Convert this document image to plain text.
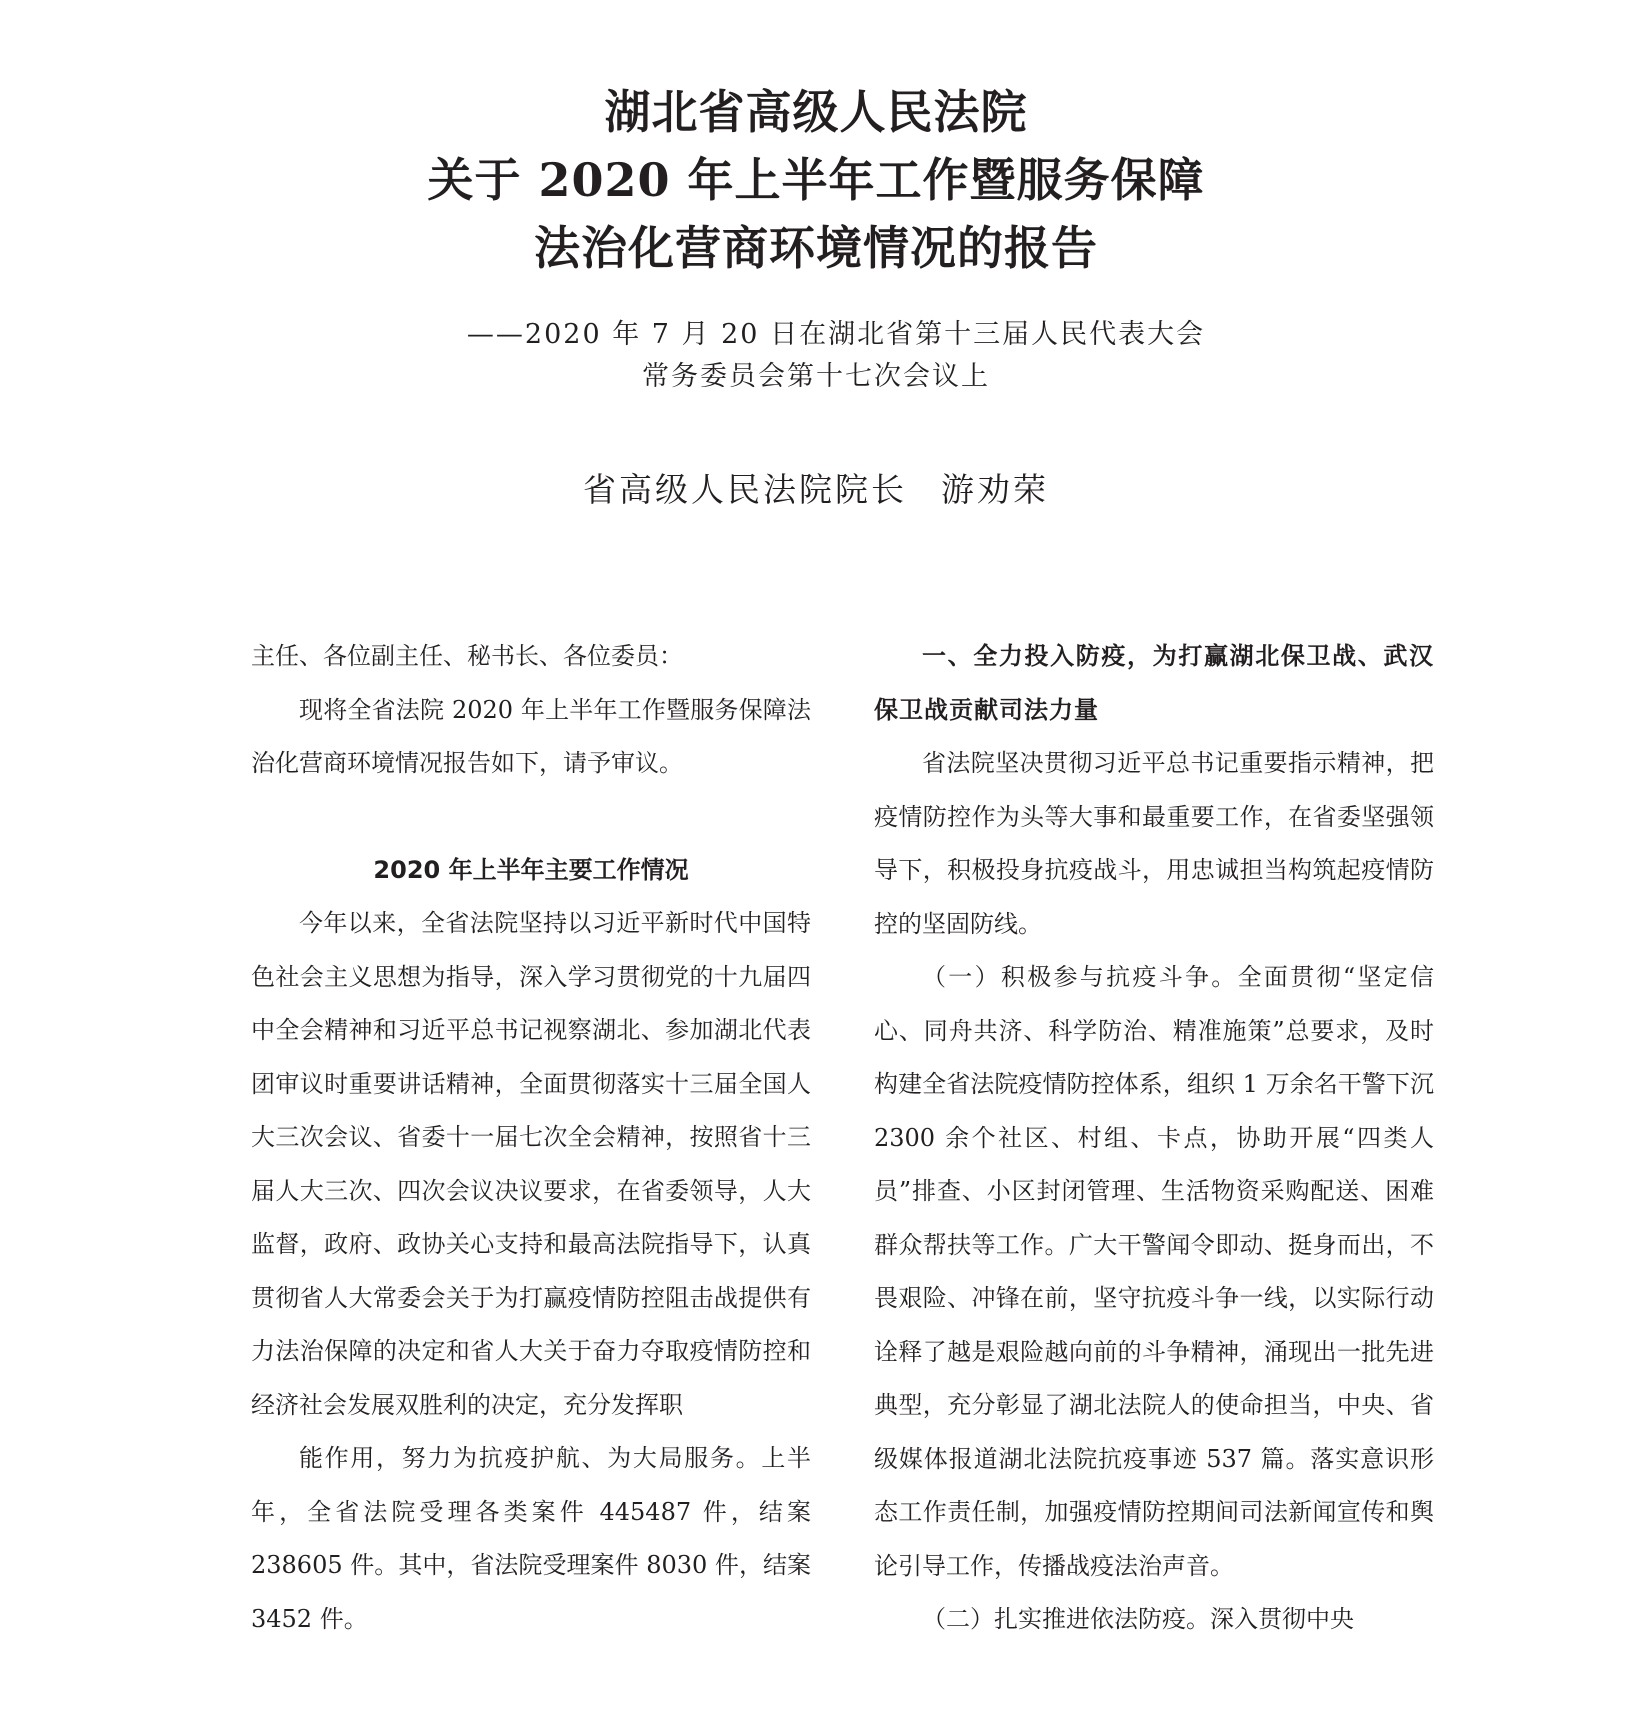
湖北省高级人民法院
关于 2020 年上半年工作暨服务保障
法治化营商环境情况的报告
——2020 年 7 月 20 日在湖北省第十三届人民代表大会
常务委员会第十七次会议上
省高级人民法院院长 游劝荣

主任、各位副主任、秘书长、各位委员：

现将全省法院 2020 年上半年工作暨服务保障法治化营商环境情况报告如下，请予审议。

2020 年上半年主要工作情况

今年以来，全省法院坚持以习近平新时代中国特色社会主义思想为指导，深入学习贯彻党的十九届四中全会精神和习近平总书记视察湖北、参加湖北代表团审议时重要讲话精神，全面贯彻落实十三届全国人大三次会议、省委十一届七次全会精神，按照省十三届人大三次、四次会议决议要求，在省委领导，人大监督，政府、政协关心支持和最高法院指导下，认真贯彻省人大常委会关于为打赢疫情防控阻击战提供有力法治保障的决定和省人大关于奋力夺取疫情防控和经济社会发展双胜利的决定，充分发挥职

能作用，努力为抗疫护航、为大局服务。上半年，全省法院受理各类案件 445487 件，结案 238605 件。其中，省法院受理案件 8030 件，结案 3452 件。

一、全力投入防疫，为打赢湖北保卫战、武汉保卫战贡献司法力量

省法院坚决贯彻习近平总书记重要指示精神，把疫情防控作为头等大事和最重要工作，在省委坚强领导下，积极投身抗疫战斗，用忠诚担当构筑起疫情防控的坚固防线。

（一）积极参与抗疫斗争。全面贯彻“坚定信心、同舟共济、科学防治、精准施策”总要求，及时构建全省法院疫情防控体系，组织 1 万余名干警下沉 2300 余个社区、村组、卡点，协助开展“四类人员”排查、小区封闭管理、生活物资采购配送、困难群众帮扶等工作。广大干警闻令即动、挺身而出，不畏艰险、冲锋在前，坚守抗疫斗争一线，以实际行动诠释了越是艰险越向前的斗争精神，涌现出一批先进典型，充分彰显了湖北法院人的使命担当，中央、省级媒体报道湖北法院抗疫事迹 537 篇。落实意识形态工作责任制，加强疫情防控期间司法新闻宣传和舆论引导工作，传播战疫法治声音。

（二）扎实推进依法防疫。深入贯彻中央
